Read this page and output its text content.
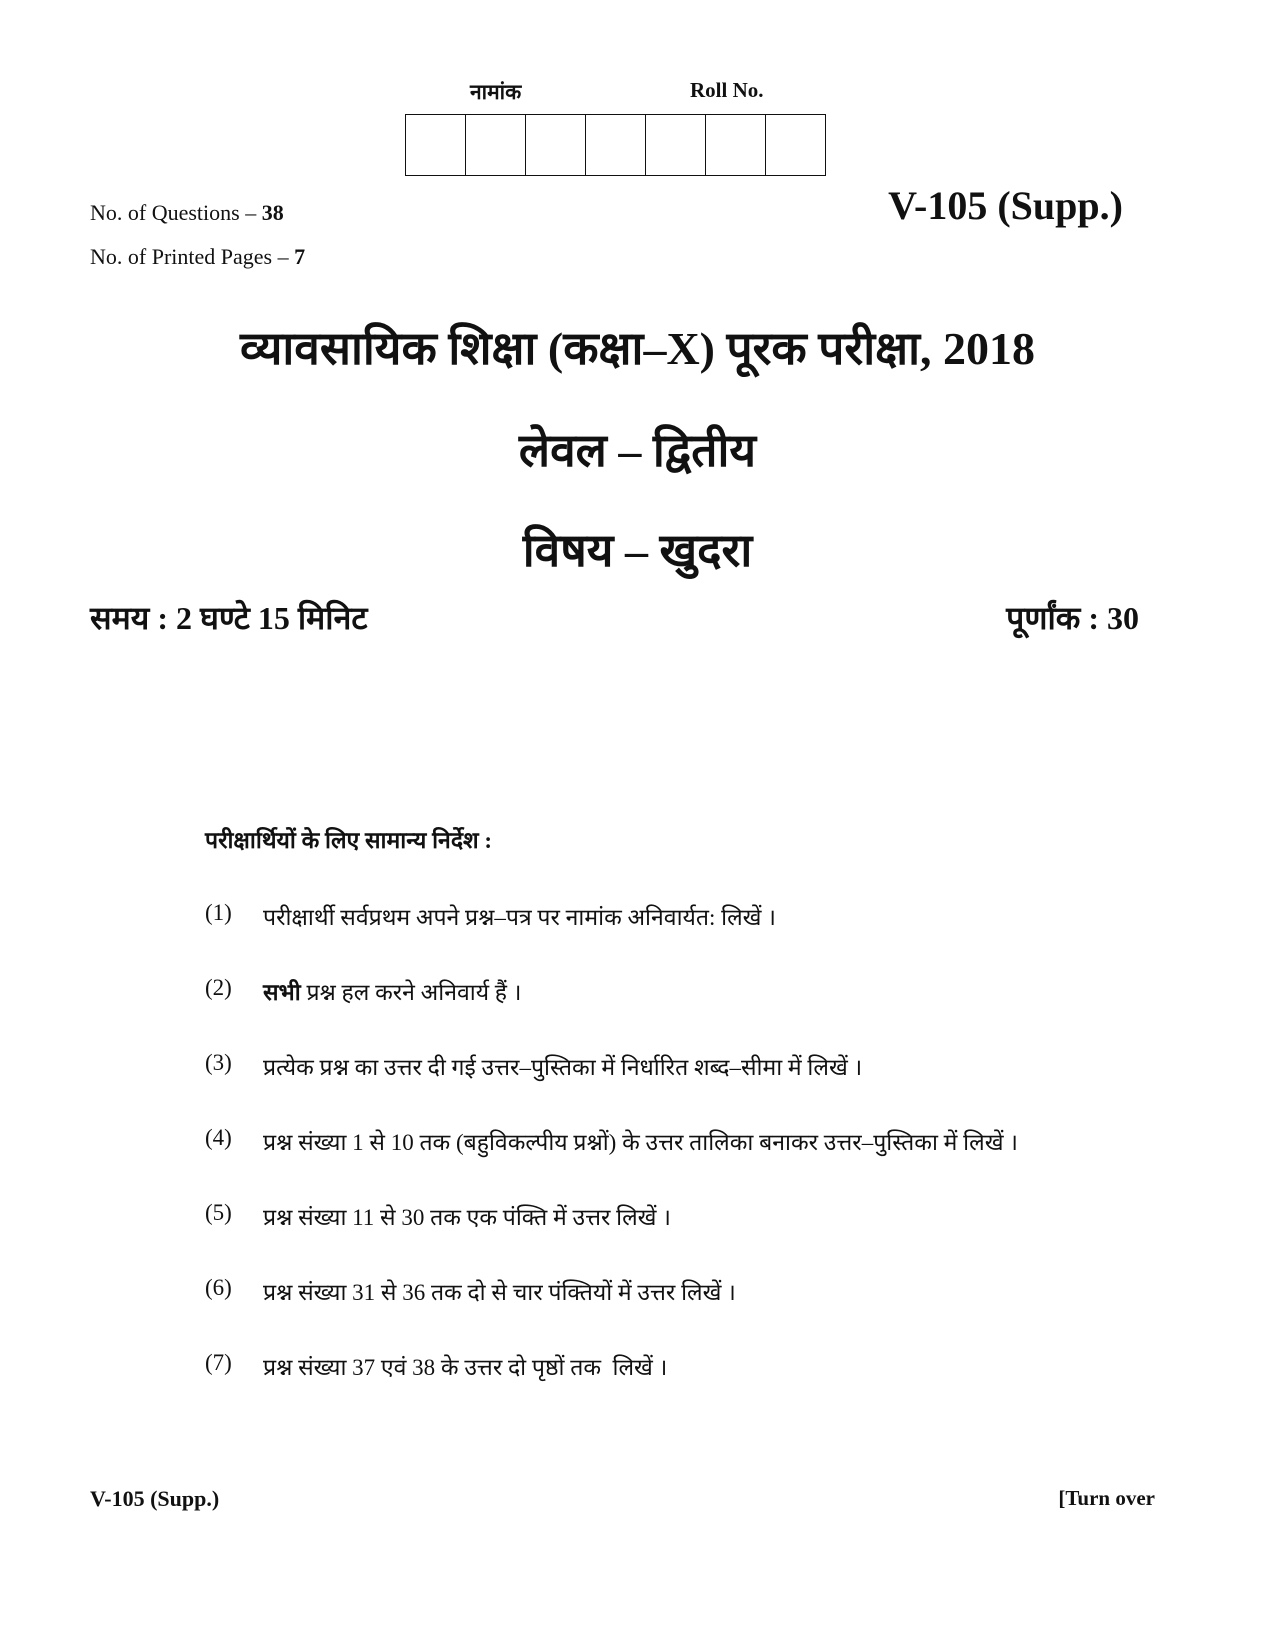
नामांक	Roll No.
No. of Questions – 38
No. of Printed Pages – 7
V-105 (Supp.)
व्यावसायिक शिक्षा (कक्षा–X) पूरक परीक्षा, 2018
लेवल – द्वितीय
विषय – खुदरा
समय : 2 घण्टे 15 मिनिट	पूर्णांक : 30
परीक्षार्थियों के लिए सामान्य निर्देश :
(1)	परीक्षार्थी सर्वप्रथम अपने प्रश्न–पत्र पर नामांक अनिवार्यत: लिखें ।
(2)	सभी प्रश्न हल करने अनिवार्य हैं ।
(3)	प्रत्येक प्रश्न का उत्तर दी गई उत्तर–पुस्तिका में निर्धारित शब्द–सीमा में लिखें ।
(4)	प्रश्न संख्या 1 से 10 तक (बहुविकल्पीय प्रश्नों) के उत्तर तालिका बनाकर उत्तर–पुस्तिका में लिखें ।
(5)	प्रश्न संख्या 11 से 30 तक एक पंक्ति में उत्तर लिखें ।
(6)	प्रश्न संख्या 31 से 36 तक दो से चार पंक्तियों में उत्तर लिखें ।
(7)	प्रश्न संख्या 37 एवं 38 के उत्तर दो पृष्ठों तक  लिखें ।
V-105 (Supp.)	[Turn over
